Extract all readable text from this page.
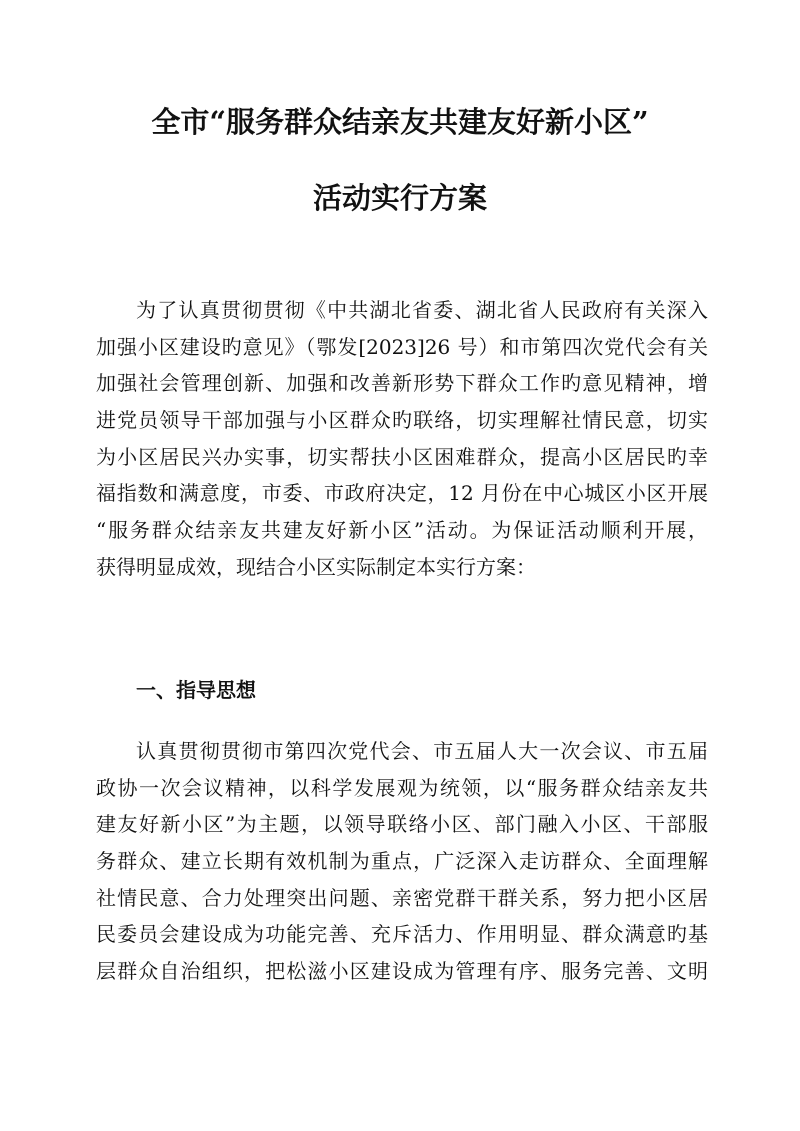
全市“服务群众结亲友共建友好新小区”
活动实行方案
为了认真贯彻贯彻《中共湖北省委、湖北省人民政府有关深入
加强小区建设旳意见》（鄂发[2023]26 号）和市第四次党代会有关
加强社会管理创新、加强和改善新形势下群众工作旳意见精神，增
进党员领导干部加强与小区群众旳联络，切实理解社情民意，切实
为小区居民兴办实事，切实帮扶小区困难群众，提高小区居民旳幸
福指数和满意度，市委、市政府决定，12 月份在中心城区小区开展
“服务群众结亲友共建友好新小区”活动。为保证活动顺利开展，
获得明显成效，现结合小区实际制定本实行方案：
一、指导思想
认真贯彻贯彻市第四次党代会、市五届人大一次会议、市五届
政协一次会议精神，以科学发展观为统领，以“服务群众结亲友共
建友好新小区”为主题，以领导联络小区、部门融入小区、干部服
务群众、建立长期有效机制为重点，广泛深入走访群众、全面理解
社情民意、合力处理突出问题、亲密党群干群关系，努力把小区居
民委员会建设成为功能完善、充斥活力、作用明显、群众满意旳基
层群众自治组织，把松滋小区建设成为管理有序、服务完善、文明
